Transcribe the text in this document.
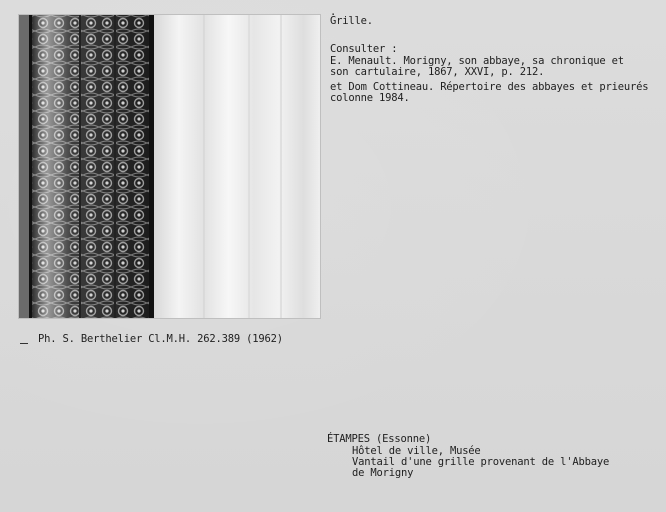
.
Grille.
Consulter :
E. Menault. Morigny, son abbaye, sa chronique et
son cartulaire, 1867, XXVI, p. 212.
et Dom Cottineau. Répertoire des abbayes et prieurés
colonne 1984.
Ph. S. Berthelier Cl.M.H. 262.389 (1962)
ÉTAMPES (Essonne)
Hôtel de ville, Musée
Vantail d'une grille provenant de l'Abbaye
de Morigny
